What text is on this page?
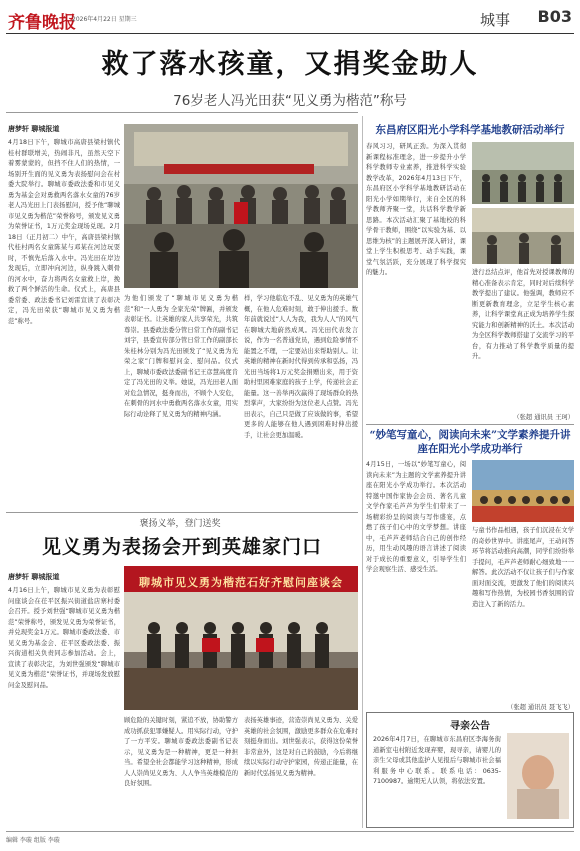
齐鲁晚报
2026年4月22日 星期三	城事 B03
救了落水孩童，又捐奖金助人
76岁老人冯光田获“见义勇为楷范”称号
唐梦轩 聊城报道
4月18日下午，聊城市高唐县梁村镇代桂村群联增关，热闹非凡，虽然天空下着雾蒙蒙的，但挡不住人们的热情，一场别开生面的见义勇为表扬慰问会在村委大院举行。聊城市委政法委和市见义勇为基金会对勇救两名落水女童的76岁老人冯光田上门表扬慰问，授予他“聊城市见义勇为楷范”荣誉称号，颁发见义勇为荣誉证书，1万元奖金现场兑现。2月18日（正月初二）中午，高唐县梁村镇代桂村两名女童陈某与邓某在河边玩耍时，不慎先后落入水中。冯光田在岸边发现后，立即冲向河边，纵身跳入刺骨的河水中，奋力将两名女童救上岸，挽救了两个鲜活的生命。仪式上，高唐县委常委、政法委书记刘雷宣读了表彰决定，冯光田荣获“聊城市见义勇为楷范”称号。
为他们颁发了“聊城市见义勇为楷范”和“一人勇为 全家光荣”牌匾，并颁发表彰证书。让英雄的家人共享荣光，共筑尊崇。县委政法委分管日常工作的副书记刘宇，县委宣传部分管日常工作的副部长朱桂林分别为冯光田颁发了“见义勇为光荣之家”门牌和慰问金、慰问品。仪式上，聊城市委政法委副书记王彦慧高度肯定了冯光田的义举。她说，冯光田老人面对危急情况，挺身而出，不顾个人安危，在刺骨的河水中勇救两名落水女童，用实际行动诠释了见义勇为的精神内涵。
样，学习他临危不乱、见义勇为的英雄气概，在他人危难时刻，敢于伸出援手。数年前就说过“人人为我，我为人人”的风气在聊城大地蔚然成风。冯光田代表发言说，作为一名普通党员，遇到危险事情不能置之不理，一定要站出来帮助别人。让英雄的精神在新时代得到传承和弘扬，冯光田当场将1万元奖金捐赠出来，用于资助村里困难家庭的孩子上学，传递社会正能量。这一善举再次赢得了现场群众的热烈掌声，大家纷纷为这位老人点赞。冯光田表示，自己只是做了应该做的事，希望更多的人能够在他人遇到困难时伸出援手，让社会更加温暖。
褒扬义举，登门送奖
见义勇为表扬会开到英雄家门口
唐梦轩 聊城报道
4月16日上午，聊城市见义勇为表彰慰问座谈会在茌平区振兴街道盐店寨村委会召开。授予刘世强“聊城市见义勇为楷范”荣誉称号，颁发见义勇为荣誉证书，并兑现奖金1万元。聊城市委政法委、市见义勇为基金会、茌平区委政法委、振兴街道相关负责同志参加活动。会上，宣读了表彰决定，为刘世强颁发“聊城市见义勇为楷范”荣誉证书，并现场发放慰问金及慰问品。
聊城市见义勇为楷范石好齐慰问座谈会
顾危险的关键时刻，紧追不放，协助警方成功抓获犯罪嫌疑人。用实际行动，守护了一方平安。聊城市委政法委副书记表示，见义勇为是一种精神，更是一种担当。希望全社会都能学习这种精神，形成人人崇尚见义勇为、人人争当英雄模范的良好氛围。
表扬英雄事迹，营造崇尚见义勇为、关爱英雄的社会氛围，激励更多群众在危难时刻挺身而出。刘世强表示，获得这份荣誉非常意外，这是对自己的鼓励，今后将继续以实际行动守护家园，传递正能量，在新时代弘扬见义勇为精神。
东昌府区阳光小学科学基地教研活动举行
春风习习，研风正劲。为深入贯彻新课程标准理念，进一步提升小学科学教师专业素养，推进科学实验教学改革，2026年4月13日下午，东昌府区小学科学基地教研活动在阳光小学如期举行，来自全区的科学教师齐聚一堂，共话科学教学新思路。本次活动汇聚了基地校的科学骨干教师，围绕“以实验为基、以思维为核”的主题展开深入研讨，课堂上学生积极思考、动手实践，课堂气氛活跃，充分展现了科学探究的魅力。	进行总结点评，他首先对授课教师的精心准备表示肯定，同时对后续科学教学提出了建议。他强调，教师应不断更新教育理念，立足学生核心素养，让科学课堂真正成为培养学生探究能力和创新精神的沃土。本次活动为全区科学教师搭建了交流学习的平台，有力推动了科学教学质量的提升。
（张超 通讯员 王珂）
“妙笔写童心，阅读向未来”文学素养提升讲座在阳光小学成功举行
4月15日，一场以“妙笔写童心，阅读向未来”为主题的文学素养提升讲座在阳光小学成功举行。本次活动特邀中国作家协会会员、著名儿童文学作家毛芦芦为学生们带来了一场精彩纷呈的阅读与写作盛宴，点燃了孩子们心中的文学梦想。讲座中，毛芦芦老师结合自己的创作经历，用生动风趣的语言讲述了阅读对于成长的重要意义，引导学生们学会观察生活、感受生活。
与童书作品相遇，孩子们沉浸在文学的奇妙世界中。讲座尾声，王动问答环节将活动推向高潮，同学们纷纷举手提问，毛芦芦老师耐心细致地一一解答。此次活动不仅让孩子们与作家面对面交流，更激发了他们的阅读兴趣和写作热情，为校园书香氛围的营造注入了新的活力。
（张超 通讯员 聂飞飞）
寻亲公告
2026年4月7日，在聊城市东昌府区李海务街道新室屯村附近发现弃婴，现寻亲，请婴儿的亲生父母或其他监护人见报后与聊城市社会福利服务中心联系。联系电话：0635-7100987。逾期无人认领，将依法安置。
编辑 李璇 组版 李璇
